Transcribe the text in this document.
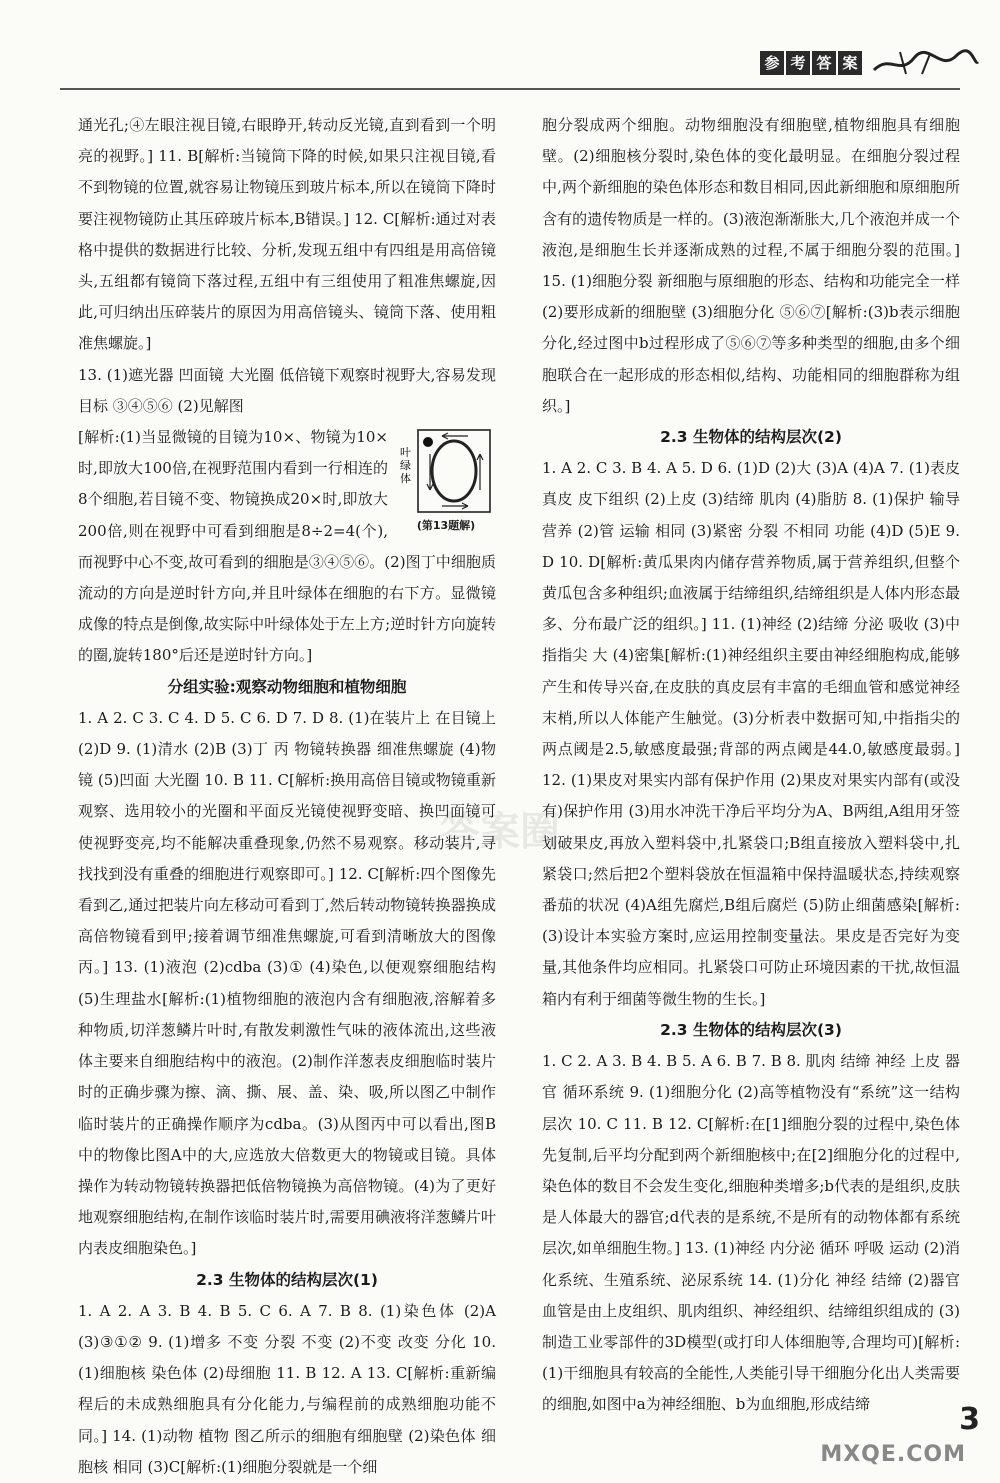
参 考 答 案

通光孔;④左眼注视目镜,右眼睁开,转动反光镜,直到看到一个明亮的视野。] 11. B[解析:当镜筒下降的时候,如果只注视目镜,看不到物镜的位置,就容易让物镜压到玻片标本,所以在镜筒下降时要注视物镜防止其压碎玻片标本,B错误。] 12. C[解析:通过对表格中提供的数据进行比较、分析,发现五组中有四组是用高倍镜头,五组都有镜筒下落过程,五组中有三组使用了粗准焦螺旋,因此,可归纳出压碎装片的原因为用高倍镜头、镜筒下落、使用粗准焦螺旋。]

13. (1)遮光器 凹面镜 大光圈 低倍镜下观察时视野大,容易发现目标 ③④⑤⑥ (2)见解图

叶 绿 体
(第13题解)

[解析:(1)当显微镜的目镜为10×、物镜为10×时,即放大100倍,在视野范围内看到一行相连的8个细胞,若目镜不变、物镜换成20×时,即放大200倍,则在视野中可看到细胞是8÷2=4(个),而视野中心不变,故可看到的细胞是③④⑤⑥。(2)图丁中细胞质流动的方向是逆时针方向,并且叶绿体在细胞的右下方。显微镜成像的特点是倒像,故实际中叶绿体处于左上方;逆时针方向旋转的圈,旋转180°后还是逆时针方向。]

分组实验:观察动物细胞和植物细胞

1. A 2. C 3. C 4. D 5. C 6. D 7. D 8. (1)在装片上 在目镜上 (2)D 9. (1)清水 (2)B (3)丁 丙 物镜转换器 细准焦螺旋 (4)物镜 (5)凹面 大光圈 10. B 11. C[解析:换用高倍目镜或物镜重新观察、选用较小的光圈和平面反光镜使视野变暗、换凹面镜可使视野变亮,均不能解决重叠现象,仍然不易观察。移动装片,寻找找到没有重叠的细胞进行观察即可。] 12. C[解析:四个图像先看到乙,通过把装片向左移动可看到丁,然后转动物镜转换器换成高倍物镜看到甲;接着调节细准焦螺旋,可看到清晰放大的图像丙。] 13. (1)液泡 (2)cdba (3)① (4)染色,以便观察细胞结构 (5)生理盐水[解析:(1)植物细胞的液泡内含有细胞液,溶解着多种物质,切洋葱鳞片叶时,有散发刺激性气味的液体流出,这些液体主要来自细胞结构中的液泡。(2)制作洋葱表皮细胞临时装片时的正确步骤为擦、滴、撕、展、盖、染、吸,所以图乙中制作临时装片的正确操作顺序为cdba。(3)从图丙中可以看出,图B中的物像比图A中的大,应选放大倍数更大的物镜或目镜。具体操作为转动物镜转换器把低倍物镜换为高倍物镜。(4)为了更好地观察细胞结构,在制作该临时装片时,需要用碘液将洋葱鳞片叶内表皮细胞染色。]

2.3 生物体的结构层次(1)

1. A 2. A 3. B 4. B 5. C 6. A 7. B 8. (1)染色体 (2)A (3)③①② 9. (1)增多 不变 分裂 不变 (2)不变 改变 分化 10. (1)细胞核 染色体 (2)母细胞 11. B 12. A 13. C[解析:重新编程后的未成熟细胞具有分化能力,与编程前的成熟细胞功能不同。] 14. (1)动物 植物 图乙所示的细胞有细胞壁 (2)染色体 细胞核 相同 (3)C[解析:(1)细胞分裂就是一个细

胞分裂成两个细胞。动物细胞没有细胞壁,植物细胞具有细胞壁。(2)细胞核分裂时,染色体的变化最明显。在细胞分裂过程中,两个新细胞的染色体形态和数目相同,因此新细胞和原细胞所含有的遗传物质是一样的。(3)液泡渐渐胀大,几个液泡并成一个液泡,是细胞生长并逐渐成熟的过程,不属于细胞分裂的范围。] 15. (1)细胞分裂 新细胞与原细胞的形态、结构和功能完全一样 (2)要形成新的细胞壁 (3)细胞分化 ⑤⑥⑦[解析:(3)b表示细胞分化,经过图中b过程形成了⑤⑥⑦等多种类型的细胞,由多个细胞联合在一起形成的形态相似,结构、功能相同的细胞群称为组织。]

2.3 生物体的结构层次(2)

1. A 2. C 3. B 4. A 5. D 6. (1)D (2)大 (3)A (4)A 7. (1)表皮 真皮 皮下组织 (2)上皮 (3)结缔 肌肉 (4)脂肪 8. (1)保护 输导 营养 (2)管 运输 相同 (3)紧密 分裂 不相同 功能 (4)D (5)E 9. D 10. D[解析:黄瓜果肉内储存营养物质,属于营养组织,但整个黄瓜包含多种组织;血液属于结缔组织,结缔组织是人体内形态最多、分布最广泛的组织。] 11. (1)神经 (2)结缔 分泌 吸收 (3)中指指尖 大 (4)密集[解析:(1)神经组织主要由神经细胞构成,能够产生和传导兴奋,在皮肤的真皮层有丰富的毛细血管和感觉神经末梢,所以人体能产生触觉。(3)分析表中数据可知,中指指尖的两点阈是2.5,敏感度最强;背部的两点阈是44.0,敏感度最弱。] 12. (1)果皮对果实内部有保护作用 (2)果皮对果实内部有(或没有)保护作用 (3)用水冲洗干净后平均分为A、B两组,A组用牙签划破果皮,再放入塑料袋中,扎紧袋口;B组直接放入塑料袋中,扎紧袋口;然后把2个塑料袋放在恒温箱中保持温暖状态,持续观察番茄的状况 (4)A组先腐烂,B组后腐烂 (5)防止细菌感染[解析:(3)设计本实验方案时,应运用控制变量法。果皮是否完好为变量,其他条件均应相同。扎紧袋口可防止环境因素的干扰,故恒温箱内有利于细菌等微生物的生长。]

2.3 生物体的结构层次(3)

1. C 2. A 3. B 4. B 5. A 6. B 7. B 8. 肌肉 结缔 神经 上皮 器官 循环系统 9. (1)细胞分化 (2)高等植物没有“系统”这一结构层次 10. C 11. B 12. C[解析:在[1]细胞分裂的过程中,染色体先复制,后平均分配到两个新细胞核中;在[2]细胞分化的过程中,染色体的数目不会发生变化,细胞种类增多;b代表的是组织,皮肤是人体最大的器官;d代表的是系统,不是所有的动物体都有系统层次,如单细胞生物。] 13. (1)神经 内分泌 循环 呼吸 运动 (2)消化系统、生殖系统、泌尿系统 14. (1)分化 神经 结缔 (2)器官 血管是由上皮组织、肌肉组织、神经组织、结缔组织组成的 (3)制造工业零部件的3D模型(或打印人体细胞等,合理均可)[解析:(1)干细胞具有较高的全能性,人类能引导干细胞分化出人类需要的细胞,如图中a为神经细胞、b为血细胞,形成结缔

答案圈
3
MXQE.COM
